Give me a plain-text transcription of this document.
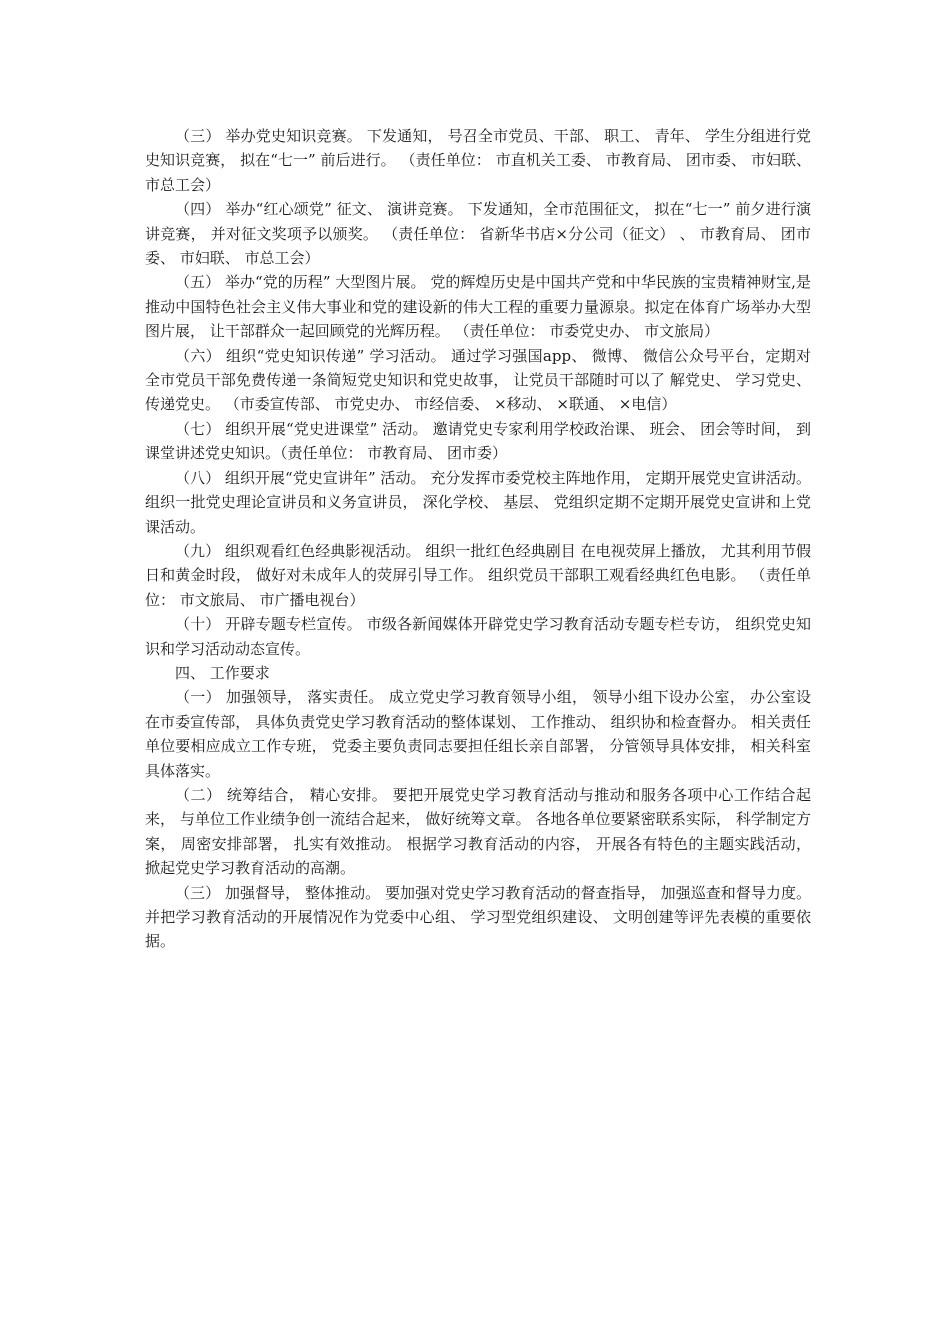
（三） 举办党史知识竞赛。 下发通知， 号召全市党员、干部、 职工、 青年、 学生分组进行党史知识竞赛， 拟在“七一” 前后进行。 （责任单位： 市直机关工委、 市教育局、 团市委、 市妇联、 市总工会）

（四） 举办“红心颂党” 征文、 演讲竞赛。 下发通知，全市范围征文， 拟在“七一” 前夕进行演讲竞赛， 并对征文奖项予以颁奖。 （责任单位： 省新华书店×分公司（征文） 、 市教育局、 团市委、 市妇联、 市总工会）

（五） 举办“党的历程” 大型图片展。 党的辉煌历史是中国共产党和中华民族的宝贵精神财宝,是推动中国特色社会主义伟大事业和党的建设新的伟大工程的重要力量源泉。拟定在体育广场举办大型图片展， 让干部群众一起回顾党的光辉历程。 （责任单位： 市委党史办、 市文旅局）

（六） 组织“党史知识传递” 学习活动。 通过学习强国app、 微博、 微信公众号平台，定期对全市党员干部免费传递一条简短党史知识和党史故事， 让党员干部随时可以了 解党史、 学习党史、 传递党史。 （市委宣传部、 市党史办、 市经信委、 ×移动、 ×联通、 ×电信）

（七） 组织开展“党史进课堂” 活动。 邀请党史专家利用学校政治课、 班会、 团会等时间， 到课堂讲述党史知识。（责任单位： 市教育局、 团市委）

（八） 组织开展“党史宣讲年” 活动。 充分发挥市委党校主阵地作用， 定期开展党史宣讲活动。 组织一批党史理论宣讲员和义务宣讲员， 深化学校、 基层、 党组织定期不定期开展党史宣讲和上党课活动。

（九） 组织观看红色经典影视活动。 组织一批红色经典剧目 在电视荧屏上播放， 尤其利用节假日和黄金时段， 做好对未成年人的荧屏引导工作。 组织党员干部职工观看经典红色电影。 （责任单位： 市文旅局、 市广播电视台）

（十） 开辟专题专栏宣传。 市级各新闻媒体开辟党史学习教育活动专题专栏专访， 组织党史知识和学习活动动态宣传。

四、 工作要求

（一） 加强领导， 落实责任。 成立党史学习教育领导小组， 领导小组下设办公室， 办公室设在市委宣传部， 具体负责党史学习教育活动的整体谋划、 工作推动、 组织协和检查督办。 相关责任单位要相应成立工作专班， 党委主要负责同志要担任组长亲自部署， 分管领导具体安排， 相关科室具体落实。

（二） 统筹结合， 精心安排。 要把开展党史学习教育活动与推动和服务各项中心工作结合起来， 与单位工作业绩争创一流结合起来， 做好统筹文章。 各地各单位要紧密联系实际， 科学制定方案， 周密安排部署， 扎实有效推动。 根据学习教育活动的内容， 开展各有特色的主题实践活动， 掀起党史学习教育活动的高潮。

（三） 加强督导， 整体推动。 要加强对党史学习教育活动的督查指导， 加强巡查和督导力度。 并把学习教育活动的开展情况作为党委中心组、 学习型党组织建设、 文明创建等评先表模的重要依据。
